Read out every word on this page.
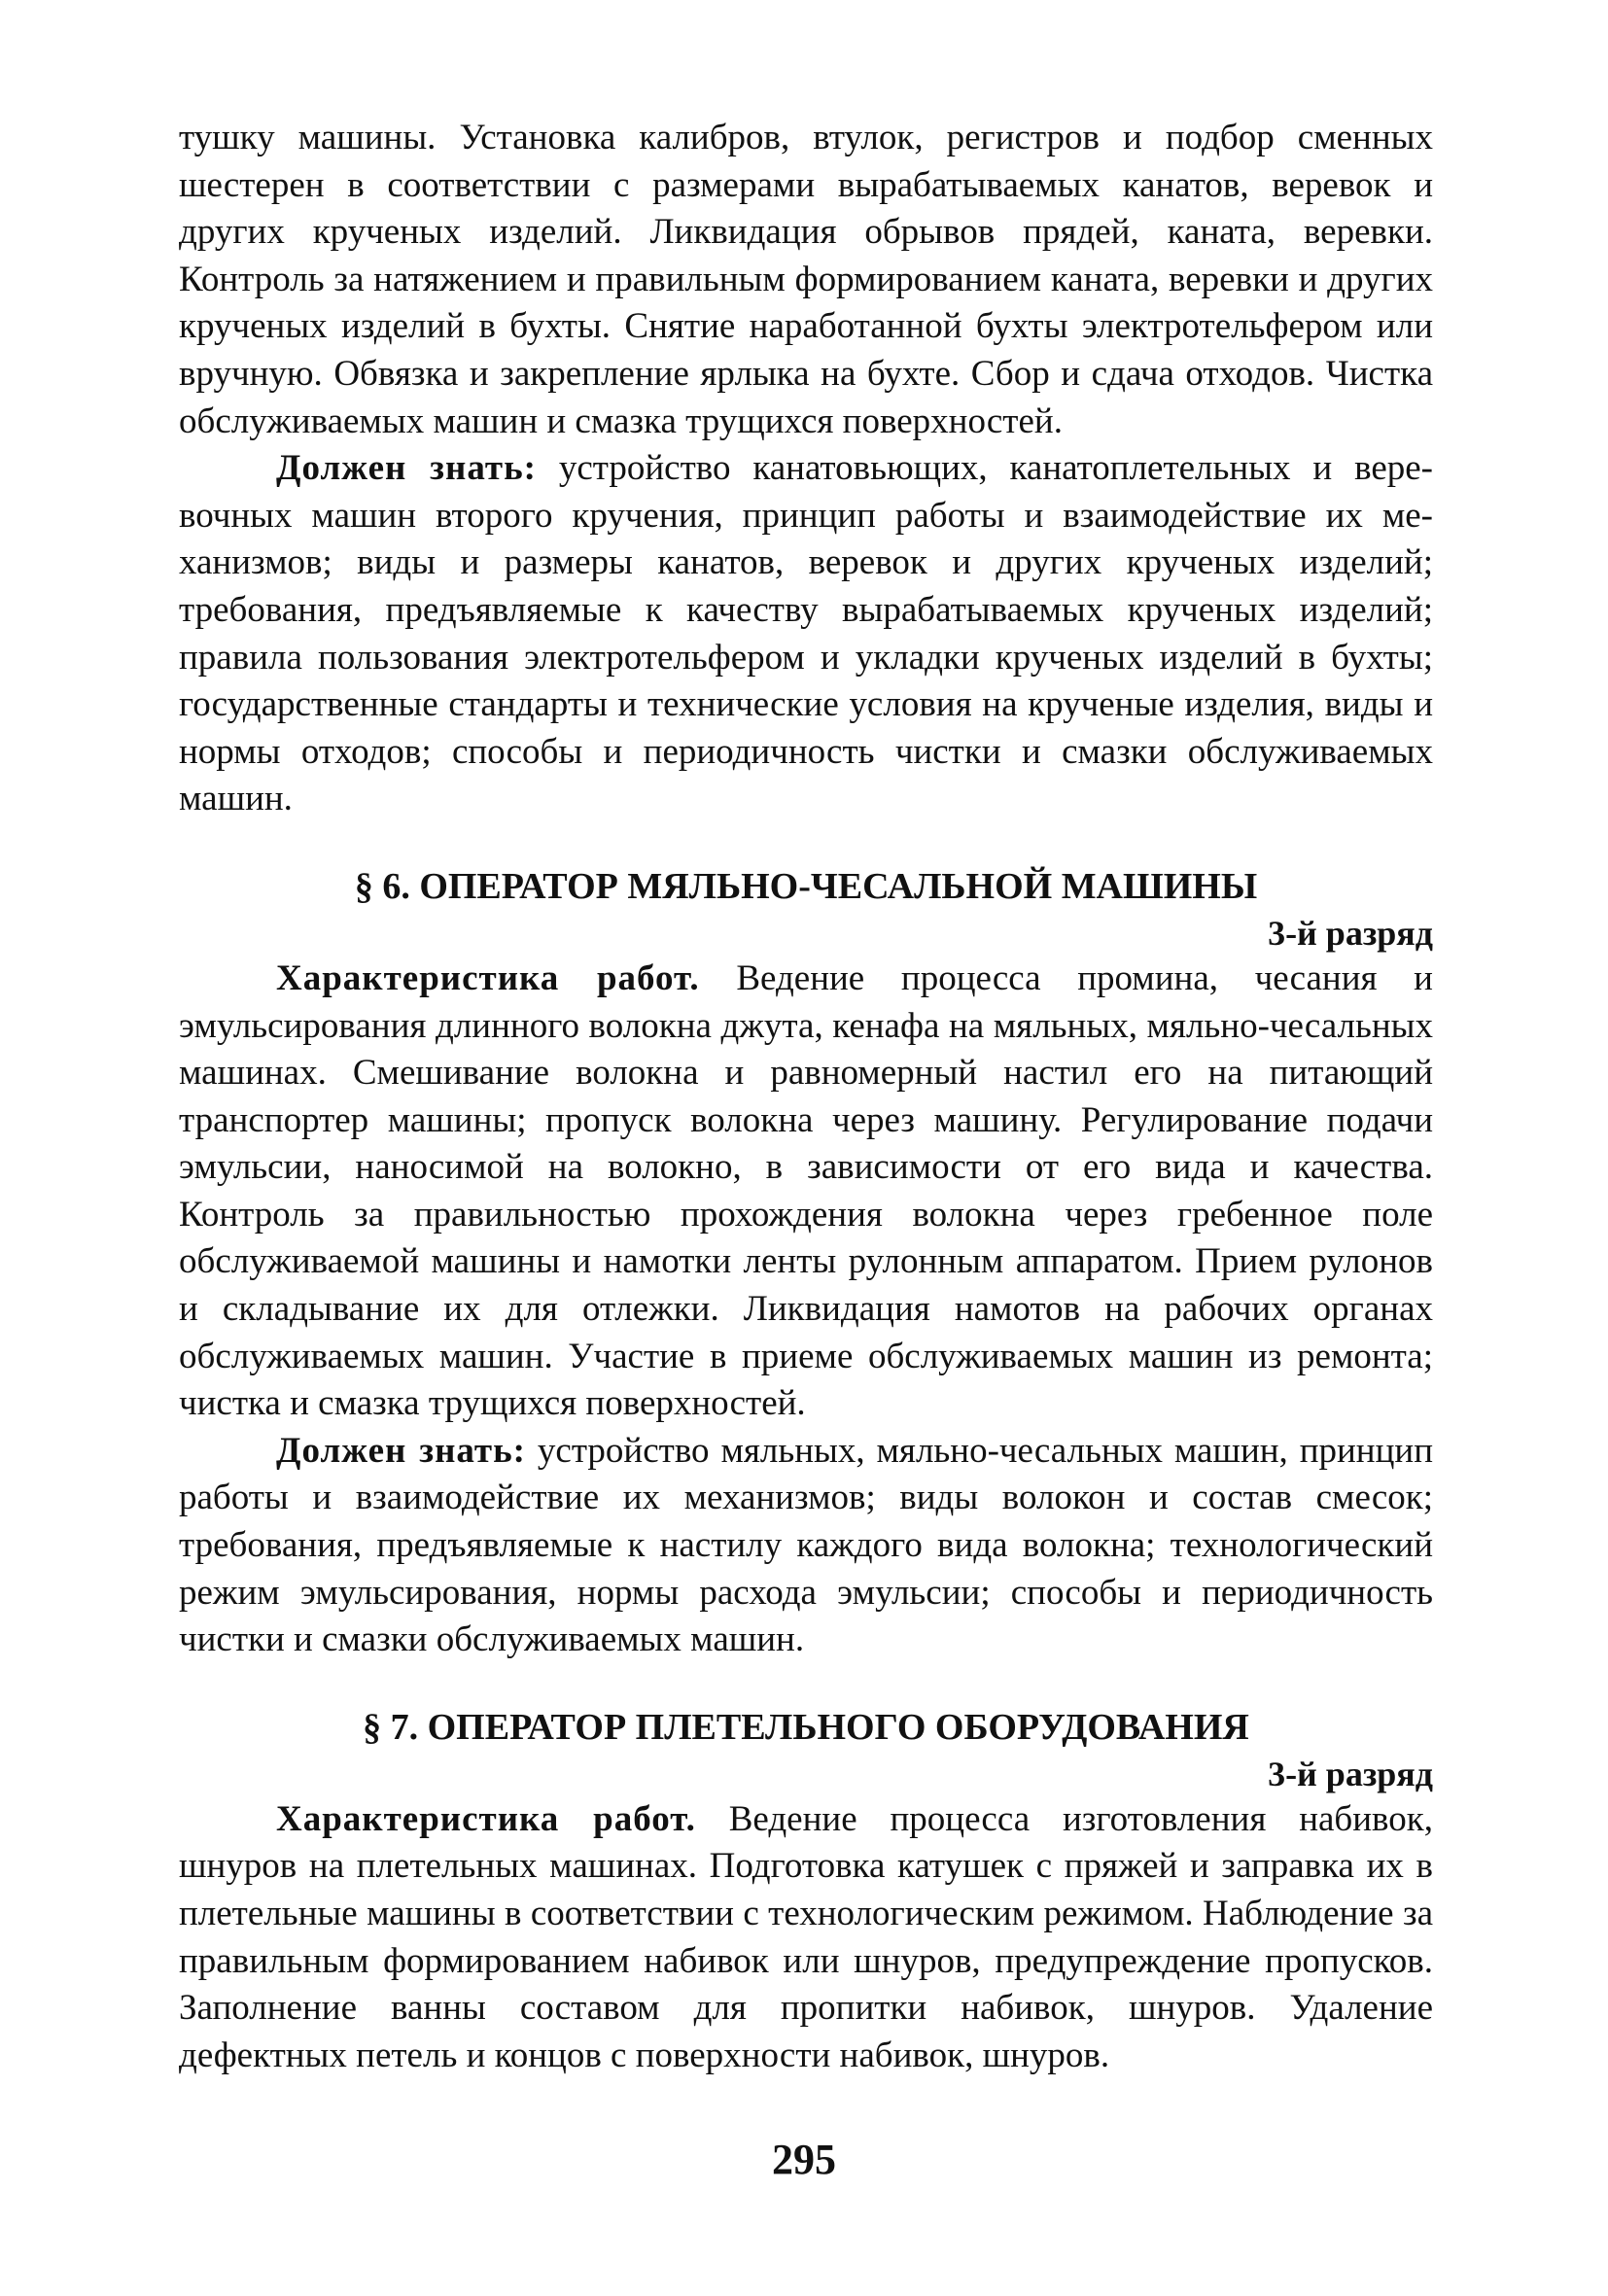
тушку машины. Установка калибров, втулок, регистров и подбор сменных шестерен в соответствии с размерами вырабатываемых канатов, веревок и других крученых изделий. Ликвидация обрывов прядей, каната, веревки. Контроль за натяжением и правильным формированием каната, веревки и других крученых изделий в бухты. Снятие наработанной бухты электротельфером или вручную. Обвязка и закрепление ярлыка на бухте. Сбор и сдача отходов. Чистка обслуживаемых машин и смазка трущихся поверхностей.

Должен знать: устройство канатовьющих, канатоплетельных и веревочных машин второго кручения, принцип работы и взаимодействие их механизмов; виды и размеры канатов, веревок и других крученых изделий; требования, предъявляемые к качеству вырабатываемых крученых изделий; правила пользования электротельфером и укладки крученых изделий в бухты; государственные стандарты и технические условия на крученые изделия, виды и нормы отходов; способы и периодичность чистки и смазки обслуживаемых машин.

§ 6. ОПЕРАТОР МЯЛЬНО-ЧЕСАЛЬНОЙ МАШИНЫ

3-й разряд

Характеристика работ. Ведение процесса промина, чесания и эмульсирования длинного волокна джута, кенафа на мяльных, мяльно-чесальных машинах. Смешивание волокна и равномерный настил его на питающий транспортер машины; пропуск волокна через машину. Регулирование подачи эмульсии, наносимой на волокно, в зависимости от его вида и качества. Контроль за правильностью прохождения волокна через гребенное поле обслуживаемой машины и намотки ленты рулонным аппаратом. Прием рулонов и складывание их для отлежки. Ликвидация намотов на рабочих органах обслуживаемых машин. Участие в приеме обслуживаемых машин из ремонта; чистка и смазка трущихся поверхностей.

Должен знать: устройство мяльных, мяльно-чесальных машин, принцип работы и взаимодействие их механизмов; виды волокон и состав смесок; требования, предъявляемые к настилу каждого вида волокна; технологический режим эмульсирования, нормы расхода эмульсии; способы и периодичность чистки и смазки обслуживаемых машин.

§ 7. ОПЕРАТОР ПЛЕТЕЛЬНОГО ОБОРУДОВАНИЯ

3-й разряд

Характеристика работ. Ведение процесса изготовления набивок, шнуров на плетельных машинах. Подготовка катушек с пряжей и заправка их в плетельные машины в соответствии с технологическим режимом. Наблюдение за правильным формированием набивок или шнуров, предупреждение пропусков. Заполнение ванны составом для пропитки набивок, шнуров. Удаление дефектных петель и концов с поверхности набивок, шнуров.

295
